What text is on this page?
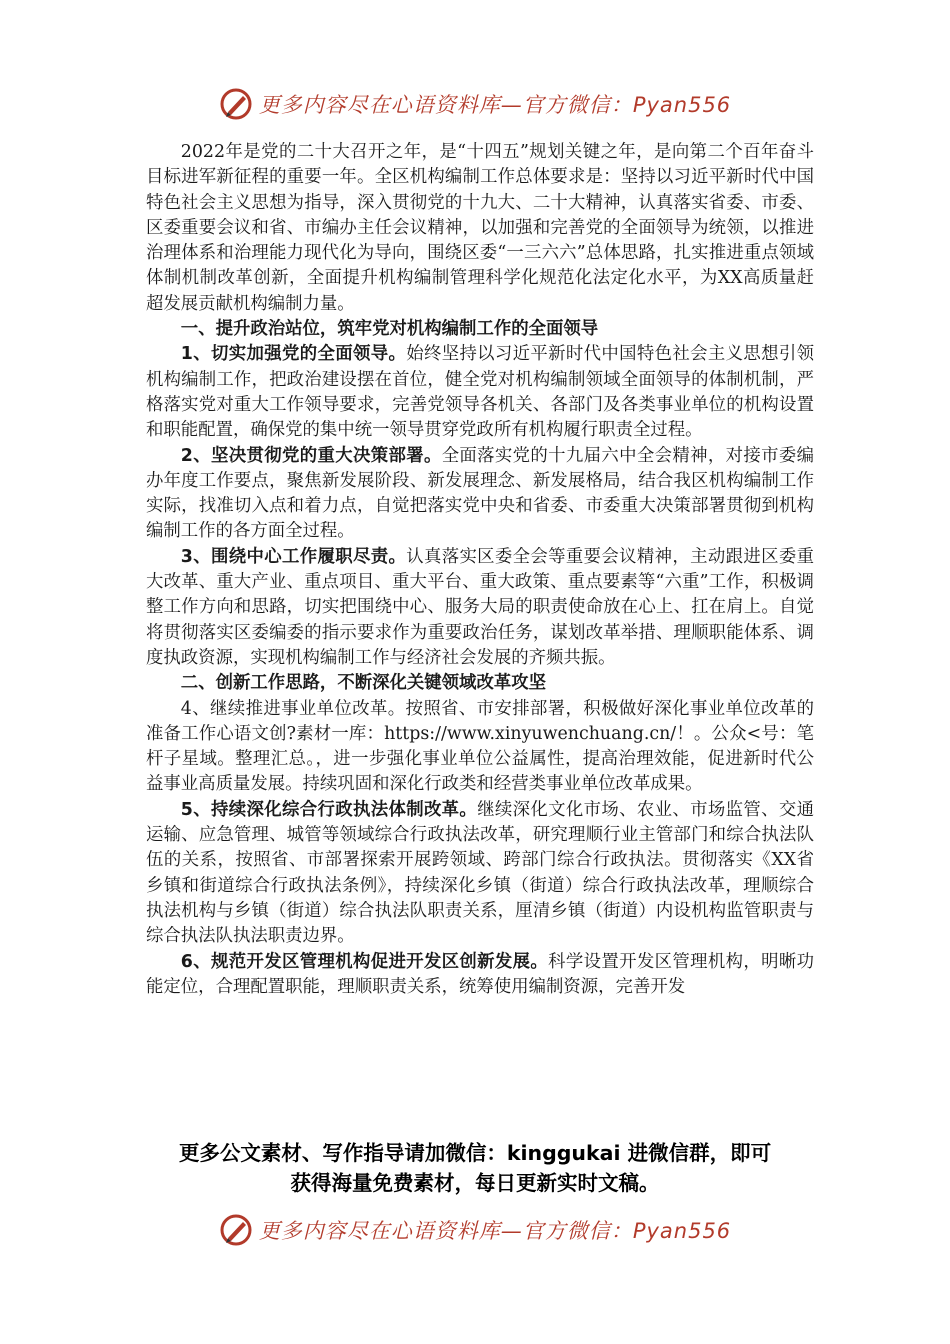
更多内容尽在心语资料库—官方微信：Pyan556

2022年是党的二十大召开之年，是“十四五”规划关键之年，是向第二个百年奋斗目标进军新征程的重要一年。全区机构编制工作总体要求是：坚持以习近平新时代中国特色社会主义思想为指导，深入贯彻党的十九大、二十大精神，认真落实省委、市委、区委重要会议和省、市编办主任会议精神，以加强和完善党的全面领导为统领，以推进治理体系和治理能力现代化为导向，围绕区委“一三六六”总体思路，扎实推进重点领域体制机制改革创新，全面提升机构编制管理科学化规范化法定化水平，为XX高质量赶超发展贡献机构编制力量。

一、提升政治站位，筑牢党对机构编制工作的全面领导

1、切实加强党的全面领导。始终坚持以习近平新时代中国特色社会主义思想引领机构编制工作，把政治建设摆在首位，健全党对机构编制领域全面领导的体制机制，严格落实党对重大工作领导要求，完善党领导各机关、各部门及各类事业单位的机构设置和职能配置，确保党的集中统一领导贯穿党政所有机构履行职责全过程。

2、坚决贯彻党的重大决策部署。全面落实党的十九届六中全会精神，对接市委编办年度工作要点，聚焦新发展阶段、新发展理念、新发展格局，结合我区机构编制工作实际，找准切入点和着力点，自觉把落实党中央和省委、市委重大决策部署贯彻到机构编制工作的各方面全过程。

3、围绕中心工作履职尽责。认真落实区委全会等重要会议精神，主动跟进区委重大改革、重大产业、重点项目、重大平台、重大政策、重点要素等“六重”工作，积极调整工作方向和思路，切实把围绕中心、服务大局的职责使命放在心上、扛在肩上。自觉将贯彻落实区委编委的指示要求作为重要政治任务，谋划改革举措、理顺职能体系、调度执政资源，实现机构编制工作与经济社会发展的齐频共振。

二、创新工作思路，不断深化关键领域改革攻坚

4、继续推进事业单位改革。按照省、市安排部署，积极做好深化事业单位改革的准备工作心语文创?素材一库：https://www.xinyuwenchuang.cn/！。公众<号：笔杆子星域。整理汇总。，进一步强化事业单位公益属性，提高治理效能，促进新时代公益事业高质量发展。持续巩固和深化行政类和经营类事业单位改革成果。

5、持续深化综合行政执法体制改革。继续深化文化市场、农业、市场监管、交通运输、应急管理、城管等领域综合行政执法改革，研究理顺行业主管部门和综合执法队伍的关系，按照省、市部署探索开展跨领域、跨部门综合行政执法。贯彻落实《XX省乡镇和街道综合行政执法条例》，持续深化乡镇（街道）综合行政执法改革，理顺综合执法机构与乡镇（街道）综合执法队职责关系，厘清乡镇（街道）内设机构监管职责与综合执法队执法职责边界。

6、规范开发区管理机构促进开发区创新发展。科学设置开发区管理机构，明晰功能定位，合理配置职能，理顺职责关系，统筹使用编制资源，完善开发

更多公文素材、写作指导请加微信：kinggukai 进微信群，即可
获得海量免费素材，每日更新实时文稿。
更多内容尽在心语资料库—官方微信：Pyan556
